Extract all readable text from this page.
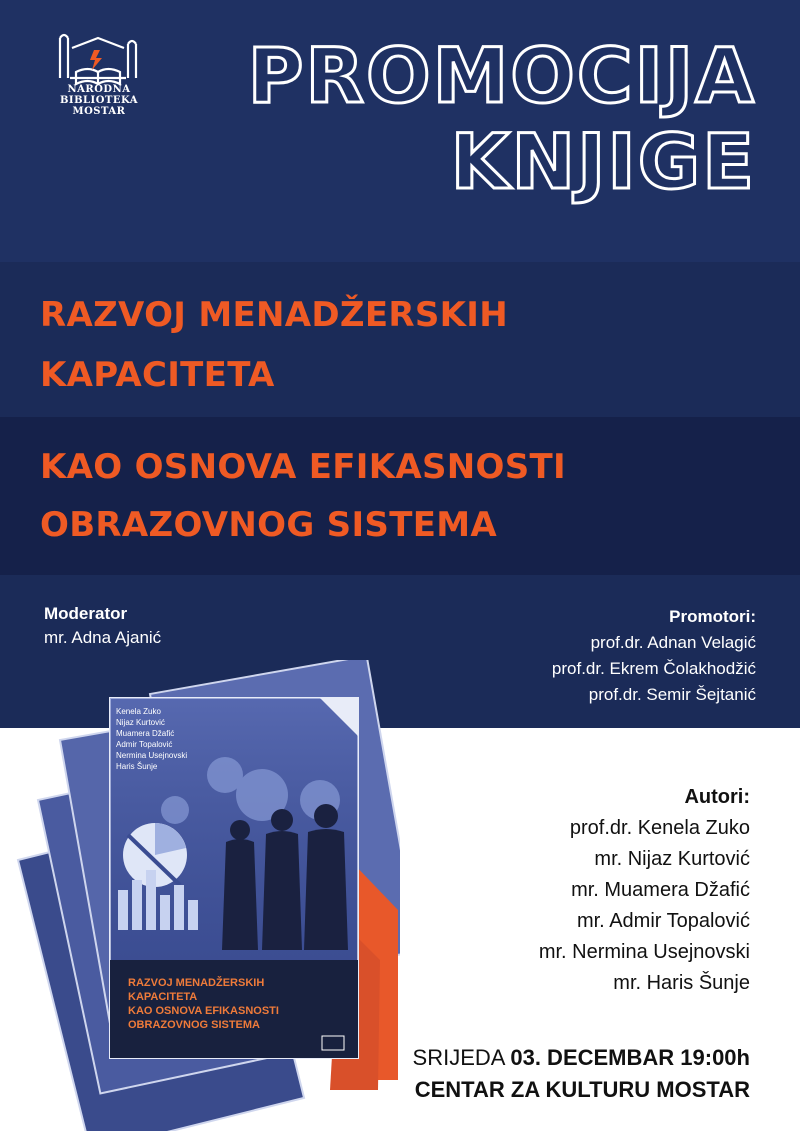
NARODNA
BIBLIOTEKA
MOSTAR	PROMOCIJA
KNJIGE
RAZVOJ MENADŽERSKIH
KAPACITETA
KAO OSNOVA EFIKASNOSTI
OBRAZOVNOG SISTEMA
Moderator
mr. Adna Ajanić
Promotori:
prof.dr. Adnan Velagić
prof.dr. Ekrem Čolakhodžić
prof.dr. Semir Šejtanić
Kenela Zuko
Nijaz Kurtović
Muamera Džafić
Admir Topalović
Nermina Usejnovski
Haris Šunje
RAZVOJ MENADŽERSKIH
KAPACITETA
KAO OSNOVA EFIKASNOSTI
OBRAZOVNOG SISTEMA
Autori:
prof.dr. Kenela Zuko
mr. Nijaz Kurtović
mr. Muamera Džafić
mr. Admir Topalović
mr. Nermina Usejnovski
mr. Haris Šunje
SRIJEDA 03. DECEMBAR 19:00h
CENTAR ZA KULTURU MOSTAR
